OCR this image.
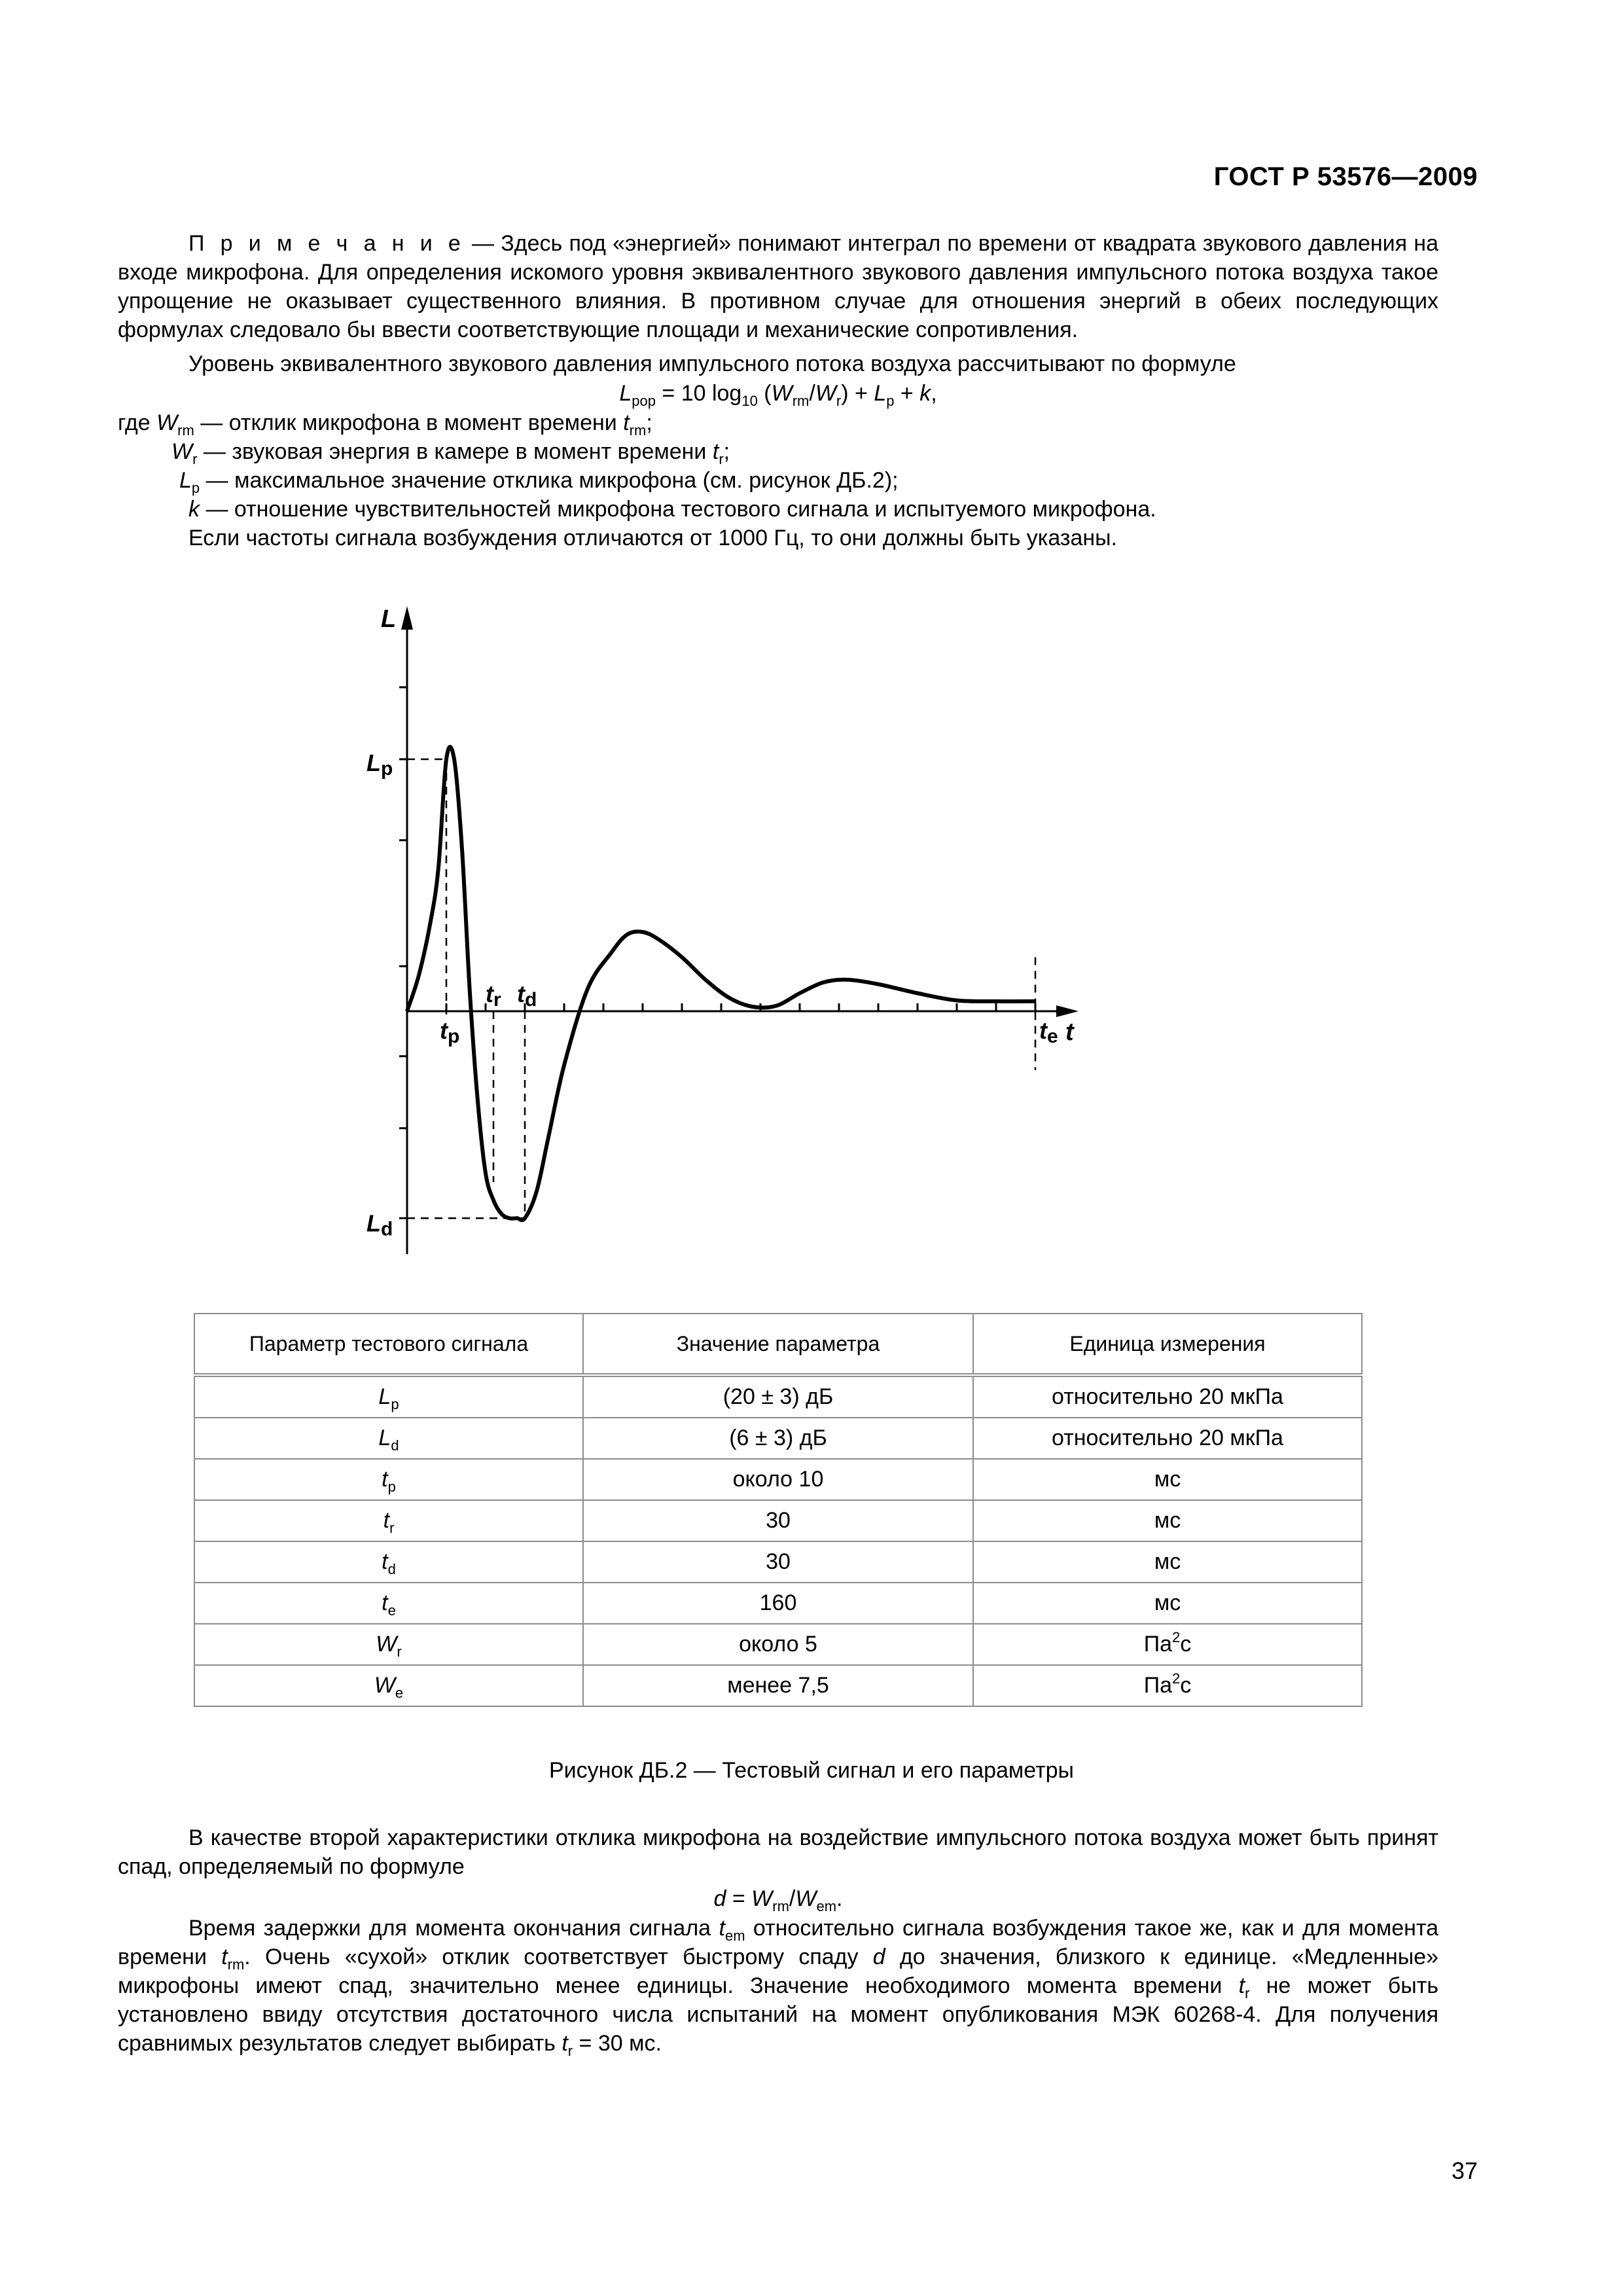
ГОСТ Р 53576—2009

П р и м е ч а н и е — Здесь под «энергией» понимают интеграл по времени от квадрата звукового давления на входе микрофона. Для определения искомого уровня эквивалентного звукового давления импульсного потока воздуха такое упрощение не оказывает существенного влияния. В противном случае для отношения энергий в обеих последующих формулах следовало бы ввести соответствующие площади и механические сопротивления.

Уровень эквивалентного звукового давления импульсного потока воздуха рассчитывают по формуле

$L_{pop} = 10$ $\log_{10} (W_{rm}/W_r) + L_p + k$,

где $W_{rm}$ — отклик микрофона в момент времени $t_{rm}$;

$W_r$ — звуковая энергия в камере в момент времени $t_r$;

$L_p$ — максимальное значение отклика микрофона (см. рисунок ДБ.2);

k — отношение чувствительностей микрофона тестового сигнала и испытуемого микрофона.

Если частоты сигнала возбуждения отличаются от 1000 Гц, то они должны быть указаны.

Lp
Ld
tp
tr td
te t
L
Параметр тестового сигнала	Значение параметра	Единица измерения
$L_p$	(20 ± 3) дБ	относительно 20 мкПа
$L_d$	(6 ± 3) дБ	относительно 20 мкПа
$t_p$	около 10	мс
$t_r$	30	мс
$t_d$	30	мс
$t_e$	160	мс
$W_r$	около 5	$Па^2с$
$W_e$	менее 7,5	$Па^2с$
Рисунок ДБ.2 — Тестовый сигнал и его параметры

В качестве второй характеристики отклика микрофона на воздействие импульсного потока воздуха может быть принят спад, определяемый по формуле

$d = W_{rm}/W_{em}$.

Время задержки для момента окончания сигнала $t_{em}$ относительно сигнала возбуждения такое же, как и для момента времени $t_{rm}$. Очень «сухой» отклик соответствует быстрому спаду d до значения, близкого к единице. «Медленные» микрофоны имеют спад, значительно менее единицы. Значение необходимого момента времени $t_r$ не может быть установлено ввиду отсутствия достаточного числа испытаний на момент опубликования МЭК 60268-4. Для получения сравнимых результатов следует выбирать $t_r = 30$ мс.

37
